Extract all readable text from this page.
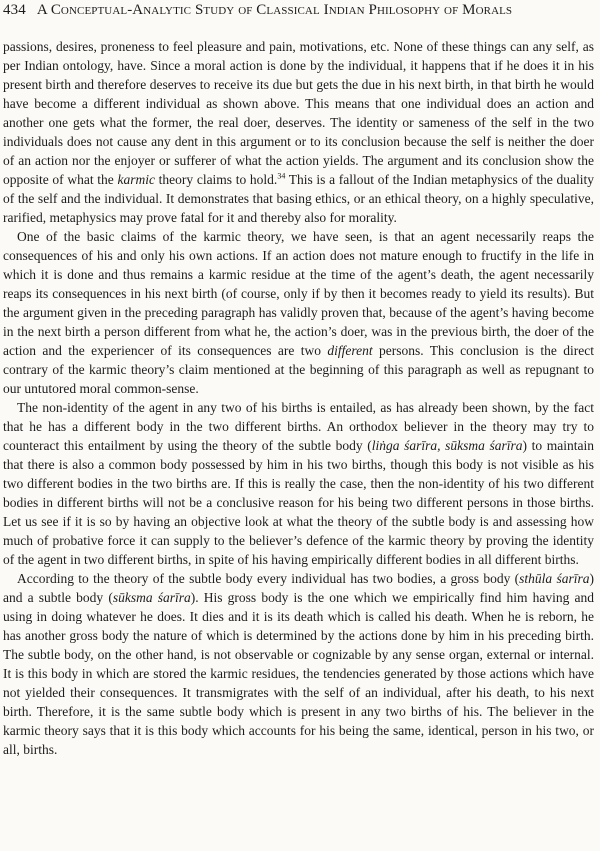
434 A Conceptual-Analytic Study of Classical Indian Philosophy of Morals

passions, desires, proneness to feel pleasure and pain, motivations, etc. None of these things can any self, as per Indian ontology, have. Since a moral action is done by the individual, it happens that if he does it in his present birth and therefore deserves to receive its due but gets the due in his next birth, in that birth he would have become a different individual as shown above. This means that one individual does an action and another one gets what the former, the real doer, deserves. The identity or sameness of the self in the two individuals does not cause any dent in this argument or to its conclusion because the self is neither the doer of an action nor the enjoyer or sufferer of what the action yields. The argument and its conclusion show the opposite of what the karmic theory claims to hold.$^{34}$ This is a fallout of the Indian metaphysics of the duality of the self and the individual. It demonstrates that basing ethics, or an ethical theory, on a highly speculative, rarified, metaphysics may prove fatal for it and thereby also for morality.

One of the basic claims of the karmic theory, we have seen, is that an agent necessarily reaps the consequences of his and only his own actions. If an action does not mature enough to fructify in the life in which it is done and thus remains a karmic residue at the time of the agent’s death, the agent necessarily reaps its consequences in his next birth (of course, only if by then it becomes ready to yield its results). But the argument given in the preceding paragraph has validly proven that, because of the agent’s having become in the next birth a person different from what he, the action’s doer, was in the previous birth, the doer of the action and the experiencer of its consequences are two different persons. This conclusion is the direct contrary of the karmic theory’s claim mentioned at the beginning of this paragraph as well as repugnant to our untutored moral common-sense.

The non-identity of the agent in any two of his births is entailed, as has already been shown, by the fact that he has a different body in the two different births. An orthodox believer in the theory may try to counteract this entailment by using the theory of the subtle body (liṅga śarīra, sūksma śarīra) to maintain that there is also a common body possessed by him in his two births, though this body is not visible as his two different bodies in the two births are. If this is really the case, then the non-identity of his two different bodies in different births will not be a conclusive reason for his being two different persons in those births. Let us see if it is so by having an objective look at what the theory of the subtle body is and assessing how much of probative force it can supply to the believer’s defence of the karmic theory by proving the identity of the agent in two different births, in spite of his having empirically different bodies in all different births.

According to the theory of the subtle body every individual has two bodies, a gross body (sthūla śarīra) and a subtle body (sūksma śarīra). His gross body is the one which we empirically find him having and using in doing whatever he does. It dies and it is its death which is called his death. When he is reborn, he has another gross body the nature of which is determined by the actions done by him in his preceding birth. The subtle body, on the other hand, is not observable or cognizable by any sense organ, external or internal. It is this body in which are stored the karmic residues, the tendencies generated by those actions which have not yielded their consequences. It transmigrates with the self of an individual, after his death, to his next birth. Therefore, it is the same subtle body which is present in any two births of his. The believer in the karmic theory says that it is this body which accounts for his being the same, identical, person in his two, or all, births.
